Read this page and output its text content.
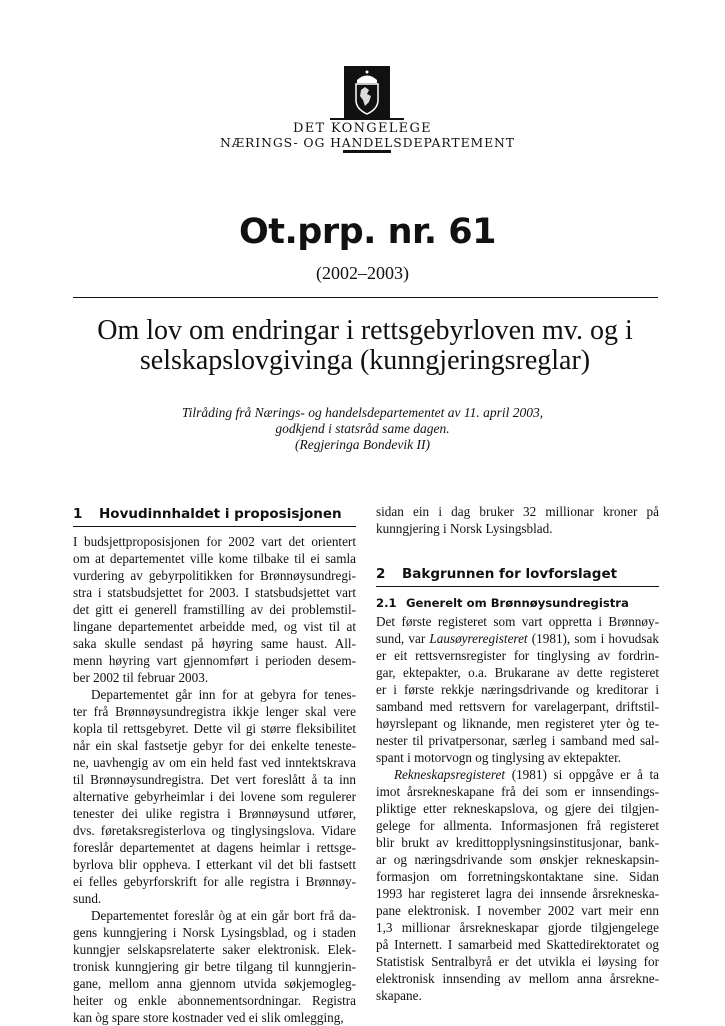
DET KONGELEGE
NÆRINGS- OG HANDELSDEPARTEMENT
Ot.prp. nr. 61
(2002–2003)
Om lov om endringar i rettsgebyrloven mv. og i
selskapslovgivinga (kunngjeringsreglar)
Tilråding frå Nærings- og handelsdepartementet av 11. april 2003,
godkjend i statsråd same dagen.
(Regjeringa Bondevik II)
1 Hovudinnhaldet i proposisjonen
I budsjettproposisjonen for 2002 vart det orientert
om at departementet ville kome tilbake til ei samla
vurdering av gebyrpolitikken for Brønnøysundregi-
stra i statsbudsjettet for 2003. I statsbudsjettet vart
det gitt ei generell framstilling av dei problemstil-
lingane departementet arbeidde med, og vist til at
saka skulle sendast på høyring same haust. All-
menn høyring vart gjennomført i perioden desem-
ber 2002 til februar 2003.
Departementet går inn for at gebyra for tenes-
ter frå Brønnøysundregistra ikkje lenger skal vere
kopla til rettsgebyret. Dette vil gi større fleksibilitet
når ein skal fastsetje gebyr for dei enkelte teneste-
ne, uavhengig av om ein held fast ved inntektskrava
til Brønnøysundregistra. Det vert foreslått å ta inn
alternative gebyrheimlar i dei lovene som regulerer
tenester dei ulike registra i Brønnøysund utfører,
dvs. føretaksregisterlova og tinglysingslova. Vidare
foreslår departementet at dagens heimlar i rettsge-
byrlova blir oppheva. I etterkant vil det bli fastsett
ei felles gebyrforskrift for alle registra i Brønnøy-
sund.
Departementet foreslår òg at ein går bort frå da-
gens kunngjering i Norsk Lysingsblad, og i staden
kunngjer selskapsrelaterte saker elektronisk. Elek-
tronisk kunngjering gir betre tilgang til kunngjerin-
gane, mellom anna gjennom utvida søkjemogleg-
heiter og enkle abonnementsordningar. Registra
kan òg spare store kostnader ved ei slik omlegging,
sidan ein i dag bruker 32 millionar kroner på
kunngjering i Norsk Lysingsblad.
2 Bakgrunnen for lovforslaget
2.1 Generelt om Brønnøysundregistra
Det første registeret som vart oppretta i Brønnøy-
sund, var Lausøyreregisteret (1981), som i hovudsak
er eit rettsvernsregister for tinglysing av fordrin-
gar, ektepakter, o.a. Brukarane av dette registeret
er i første rekkje næringsdrivande og kreditorar i
samband med rettsvern for varelagerpant, driftstil-
høyrslepant og liknande, men registeret yter òg te-
nester til privatpersonar, særleg i samband med sal-
spant i motorvogn og tinglysing av ektepakter.
Rekneskapsregisteret (1981) si oppgåve er å ta
imot årsrekneskapane frå dei som er innsendings-
pliktige etter rekneskapslova, og gjere dei tilgjen-
gelege for allmenta. Informasjonen frå registeret
blir brukt av kredittopplysningsinstitusjonar, bank-
ar og næringsdrivande som ønskjer rekneskapsin-
formasjon om forretningskontaktane sine. Sidan
1993 har registeret lagra dei innsende årsrekneska-
pane elektronisk. I november 2002 vart meir enn
1,3 millionar årsrekneskapar gjorde tilgjengelege
på Internett. I samarbeid med Skattedirektoratet og
Statistisk Sentralbyrå er det utvikla ei løysing for
elektronisk innsending av mellom anna årsrekne-
skapane.
